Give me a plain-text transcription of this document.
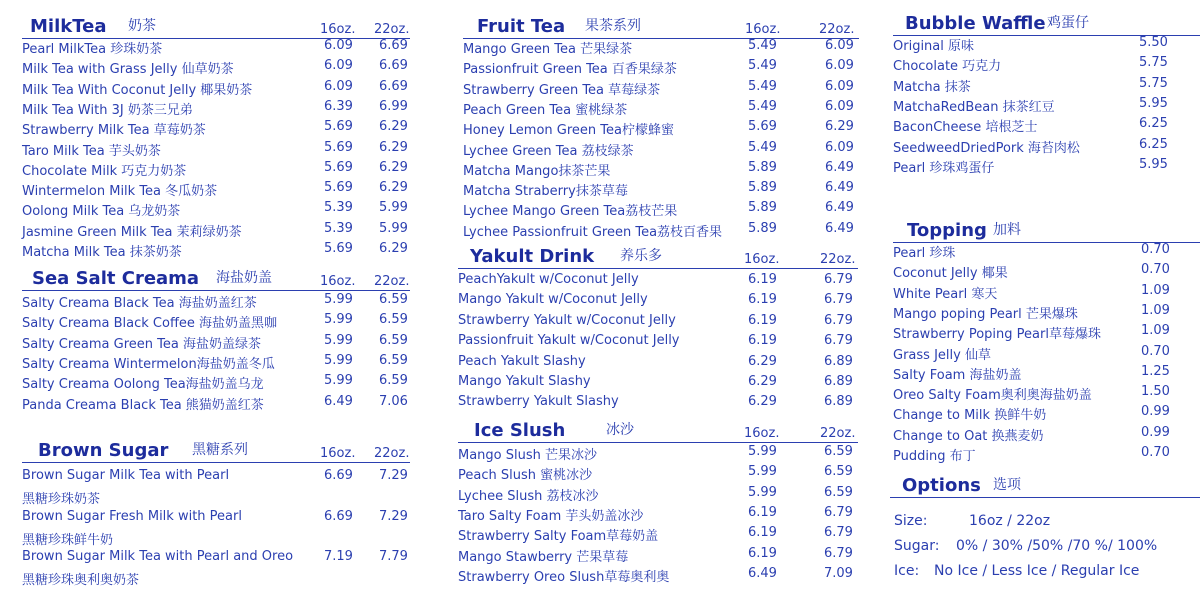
MilkTea 奶茶	16oz. 22oz.
Pearl MilkTea 珍珠奶茶	6.09 6.69
Milk Tea with Grass Jelly 仙草奶茶	6.09 6.69
Milk Tea With Coconut Jelly 椰果奶茶	6.09 6.69
Milk Tea With 3J 奶茶三兄弟	6.39 6.99
Strawberry Milk Tea 草莓奶茶	5.69 6.29
Taro Milk Tea 芋头奶茶	5.69 6.29
Chocolate Milk 巧克力奶茶	5.69 6.29
Wintermelon Milk Tea 冬瓜奶茶	5.69 6.29
Oolong Milk Tea 乌龙奶茶	5.39 5.99
Jasmine Green Milk Tea 茉莉绿奶茶	5.39 5.99
Matcha Milk Tea 抹茶奶茶	5.69 6.29
Sea Salt Creama 海盐奶盖	16oz. 22oz.
Salty Creama Black Tea 海盐奶盖红茶	5.99 6.59
Salty Creama Black Coffee 海盐奶盖黑咖	5.99 6.59
Salty Creama Green Tea 海盐奶盖绿茶	5.99 6.59
Salty Creama Wintermelon海盐奶盖冬瓜	5.99 6.59
Salty Creama Oolong Tea海盐奶盖乌龙	5.99 6.59
Panda Creama Black Tea 熊猫奶盖红茶	6.49 7.06
Brown Sugar 黑糖系列	16oz. 22oz.
Brown Sugar Milk Tea with Pearl
黑糖珍珠奶茶
6.69 7.29
Brown Sugar Fresh Milk with Pearl
黑糖珍珠鲜牛奶
6.69 7.29
Brown Sugar Milk Tea with Pearl and Oreo
黑糖珍珠奥利奥奶茶
7.19 7.79
Fruit Tea 果茶系列	16oz.	22oz.
Mango Green Tea 芒果绿茶	5.49	6.09
Passionfruit Green Tea 百香果绿茶	5.49	6.09
Strawberry Green Tea 草莓绿茶	5.49	6.09
Peach Green Tea 蜜桃绿茶	5.49	6.09
Honey Lemon Green Tea柠檬蜂蜜	5.69	6.29
Lychee Green Tea 荔枝绿茶	5.49	6.09
Matcha Mango抹茶芒果	5.89	6.49
Matcha Straberry抹茶草莓	5.89	6.49
Lychee Mango Green Tea荔枝芒果	5.89	6.49
Lychee Passionfruit Green Tea荔枝百香果 5.89	6.49
Yakult Drink 养乐多	16oz.	22oz.
PeachYakult w/Coconut Jelly	6.19	6.79
Mango Yakult w/Coconut Jelly	6.19	6.79
Strawberry Yakult w/Coconut Jelly	6.19	6.79
Passionfruit Yakult w/Coconut Jelly	6.19	6.79
Peach Yakult Slashy	6.29	6.89
Mango Yakult Slashy	6.29	6.89
Strawberry Yakult Slashy	6.29	6.89
Ice Slush	冰沙	16oz.	22oz.
Mango Slush 芒果冰沙	5.99	6.59
Peach Slush 蜜桃冰沙	5.99	6.59
Lychee Slush 荔枝冰沙	5.99	6.59
Taro Salty Foam 芋头奶盖冰沙	6.19	6.79
Strawberry Salty Foam草莓奶盖	6.19	6.79
Mango Stawberry 芒果草莓	6.19	6.79
Strawberry Oreo Slush草莓奥利奥	6.49	7.09
Bubble Waffle 鸡蛋仔
Original 原味	5.50
Chocolate 巧克力	5.75
Matcha 抹茶	5.75
MatchaRedBean 抹茶红豆	5.95
BaconCheese 培根芝士	6.25
SeedweedDriedPork 海苔肉松	6.25
Pearl 珍珠鸡蛋仔	5.95
Topping 加料
Pearl 珍珠	0.70
Coconut Jelly 椰果	0.70
White Pearl 寒天	1.09
Mango poping Pearl 芒果爆珠	1.09
Strawberry Poping Pearl草莓爆珠	1.09
Grass Jelly 仙草	0.70
Salty Foam 海盐奶盖	1.25
Oreo Salty Foam奥利奥海盐奶盖	1.50
Change to Milk 换鲜牛奶	0.99
Change to Oat 换燕麦奶	0.99
Pudding 布丁	0.70
Options 选项
Size:	16oz / 22oz
Sugar: 0% / 30% /50% /70 %/ 100%
Ice: No Ice / Less Ice / Regular Ice
